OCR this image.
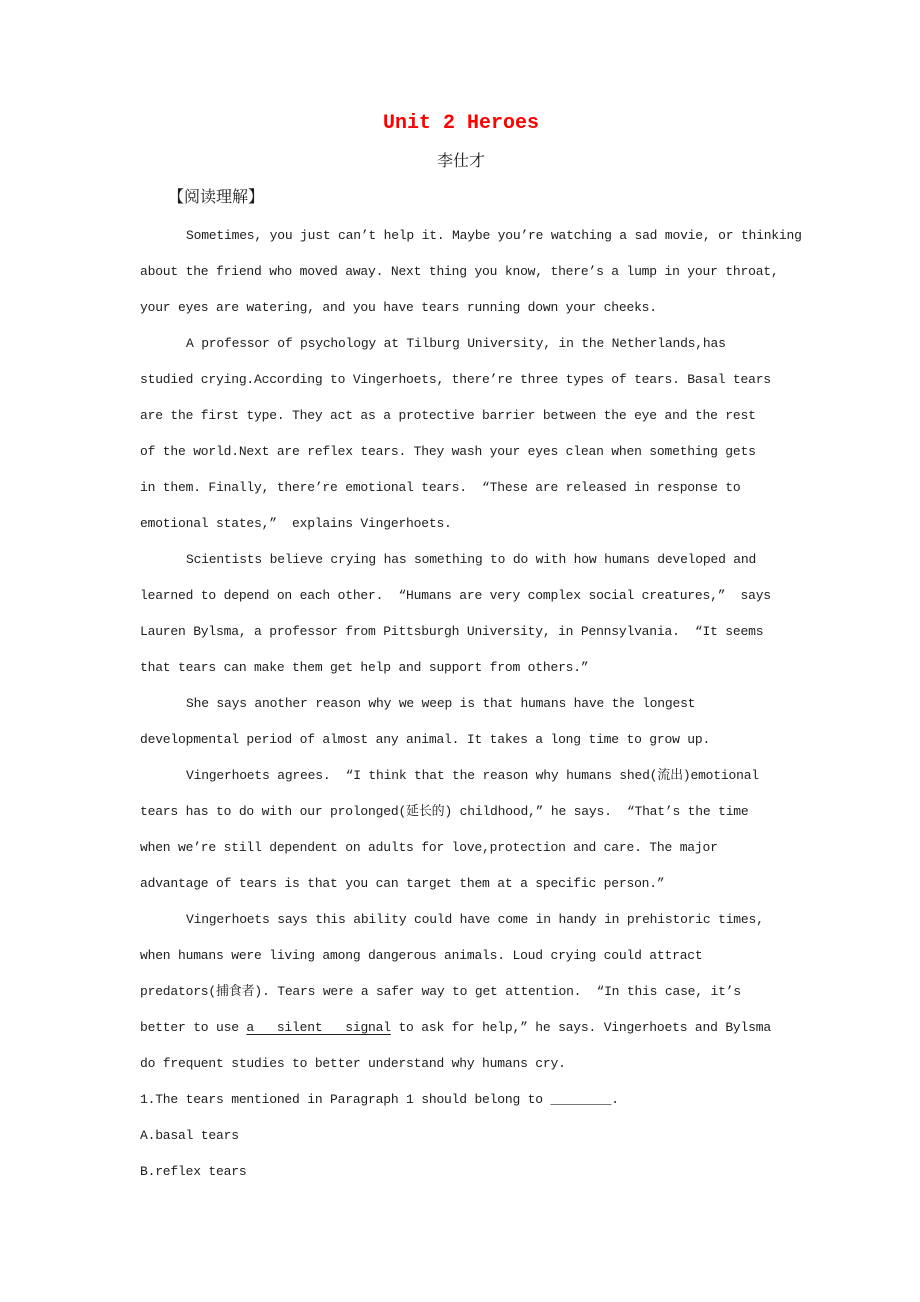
Unit 2 Heroes
李仕才
【阅读理解】
Sometimes, you just can’t help it. Maybe you’re watching a sad movie, or thinking
about the friend who moved away. Next thing you know, there’s a lump in your throat,
your eyes are watering, and you have tears running down your cheeks.
A professor of psychology at Tilburg University, in the Netherlands,has
studied crying.According to Vingerhoets, there’re three types of tears. Basal tears
are the first type. They act as a protective barrier between the eye and the rest
of the world.Next are reflex tears. They wash your eyes clean when something gets
in them. Finally, there’re emotional tears.  “These are released in response to
emotional states,”  explains Vingerhoets.
Scientists believe crying has something to do with how humans developed and
learned to depend on each other.  “Humans are very complex social creatures,”  says
Lauren Bylsma, a professor from Pittsburgh University, in Pennsylvania.  “It seems
that tears can make them get help and support from others.”
She says another reason why we weep is that humans have the longest
developmental period of almost any animal. It takes a long time to grow up.
Vingerhoets agrees.  “I think that the reason why humans shed(流出)emotional
tears has to do with our prolonged(延长的) childhood,” he says.  “That’s the time
when we’re still dependent on adults for love,protection and care. The major
advantage of tears is that you can target them at a specific person.”
Vingerhoets says this ability could have come in handy in prehistoric times,
when humans were living among dangerous animals. Loud crying could attract
predators(捕食者). Tears were a safer way to get attention.  “In this case, it’s
better to use a   silent   signal to ask for help,” he says. Vingerhoets and Bylsma
do frequent studies to better understand why humans cry.
1.The tears mentioned in Paragraph 1 should belong to ________.
A.basal tears
B.reflex tears
